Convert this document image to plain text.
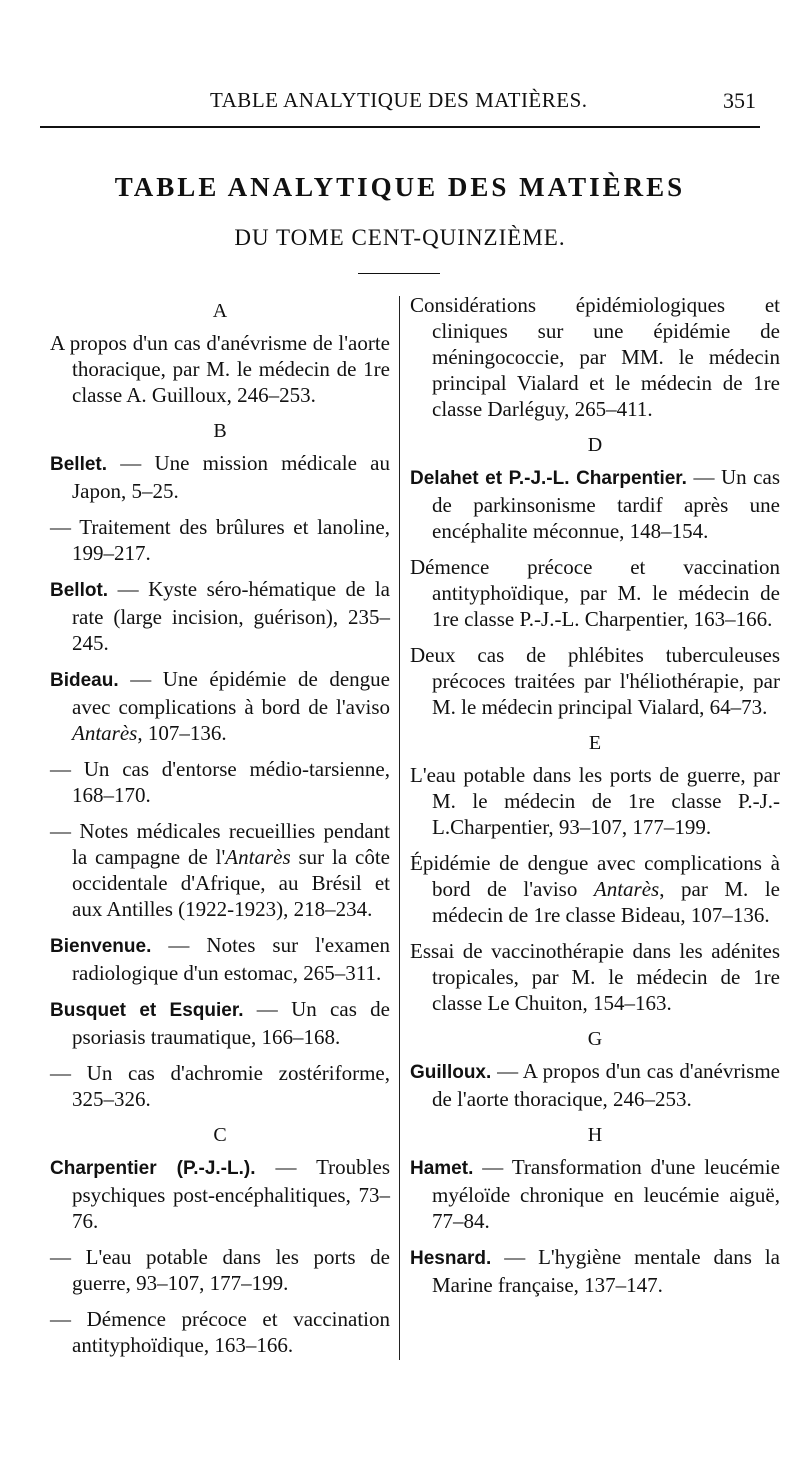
TABLE ANALYTIQUE DES MATIÈRES.	351
TABLE ANALYTIQUE DES MATIÈRES
DU TOME CENT-QUINZIÈME.
A
A propos d'un cas d'anévrisme de l'aorte thoracique, par M. le médecin de 1re classe A. Guilloux, 246–253.
B
Bellet. — Une mission médicale au Japon, 5–25.
— Traitement des brûlures et lanoline, 199–217.
Bellot. — Kyste séro-hématique de la rate (large incision, guérison), 235–245.
Bideau. — Une épidémie de dengue avec complications à bord de l'aviso Antarès, 107–136.
— Un cas d'entorse médio-tarsienne, 168–170.
— Notes médicales recueillies pendant la campagne de l'Antarès sur la côte occidentale d'Afrique, au Brésil et aux Antilles (1922-1923), 218–234.
Bienvenue. — Notes sur l'examen radiologique d'un estomac, 265–311.
Busquet et Esquier. — Un cas de psoriasis traumatique, 166–168.
— Un cas d'achromie zostériforme, 325–326.
C
Charpentier (P.-J.-L.). — Troubles psychiques post-encéphalitiques, 73–76.
— L'eau potable dans les ports de guerre, 93–107, 177–199.
— Démence précoce et vaccination antityphoïdique, 163–166.
Considérations épidémiologiques et cliniques sur une épidémie de méningococcie, par MM. le médecin principal Vialard et le médecin de 1re classe Darléguy, 265–411.
D
Delahet et P.-J.-L. Charpentier. — Un cas de parkinsonisme tardif après une encéphalite méconnue, 148–154.
Démence précoce et vaccination antityphoïdique, par M. le médecin de 1re classe P.-J.-L. Charpentier, 163–166.
Deux cas de phlébites tuberculeuses précoces traitées par l'héliothérapie, par M. le médecin principal Vialard, 64–73.
E
L'eau potable dans les ports de guerre, par M. le médecin de 1re classe P.-J.-L.Charpentier, 93–107, 177–199.
Épidémie de dengue avec complications à bord de l'aviso Antarès, par M. le médecin de 1re classe Bideau, 107–136.
Essai de vaccinothérapie dans les adénites tropicales, par M. le médecin de 1re classe Le Chuiton, 154–163.
G
Guilloux. — A propos d'un cas d'anévrisme de l'aorte thoracique, 246–253.
H
Hamet. — Transformation d'une leucémie myéloïde chronique en leucémie aiguë, 77–84.
Hesnard. — L'hygiène mentale dans la Marine française, 137–147.
